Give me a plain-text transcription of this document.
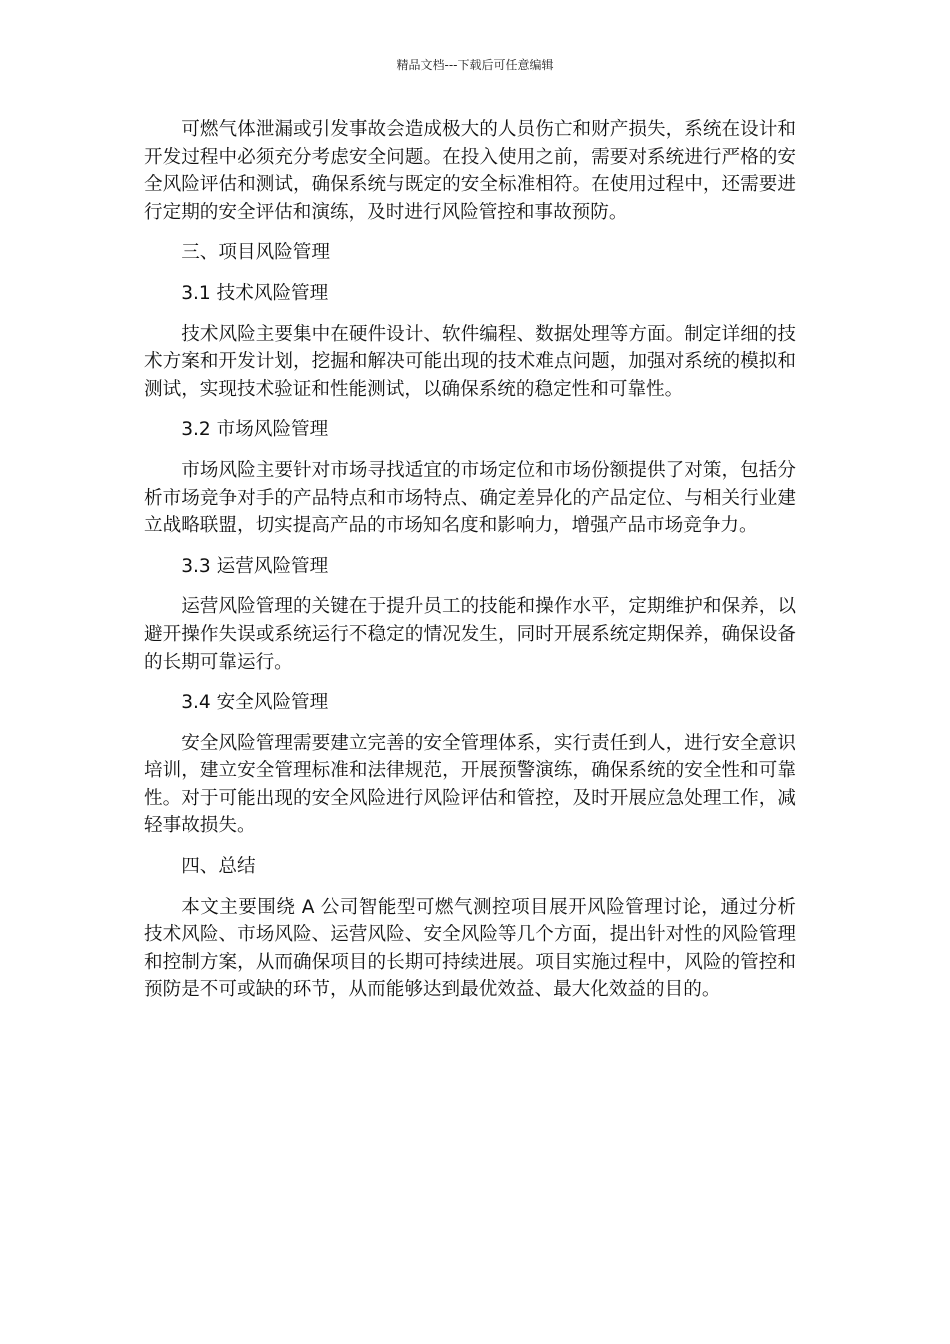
精品文档---下载后可任意编辑

可燃气体泄漏或引发事故会造成极大的人员伤亡和财产损失，系统在设计和开发过程中必须充分考虑安全问题。在投入使用之前，需要对系统进行严格的安全风险评估和测试，确保系统与既定的安全标准相符。在使用过程中，还需要进行定期的安全评估和演练，及时进行风险管控和事故预防。

三、项目风险管理

3.1 技术风险管理

技术风险主要集中在硬件设计、软件编程、数据处理等方面。制定详细的技术方案和开发计划，挖掘和解决可能出现的技术难点问题，加强对系统的模拟和测试，实现技术验证和性能测试，以确保系统的稳定性和可靠性。

3.2 市场风险管理

市场风险主要针对市场寻找适宜的市场定位和市场份额提供了对策，包括分析市场竞争对手的产品特点和市场特点、确定差异化的产品定位、与相关行业建立战略联盟，切实提高产品的市场知名度和影响力，增强产品市场竞争力。

3.3 运营风险管理

运营风险管理的关键在于提升员工的技能和操作水平，定期维护和保养，以避开操作失误或系统运行不稳定的情况发生，同时开展系统定期保养，确保设备的长期可靠运行。

3.4 安全风险管理

安全风险管理需要建立完善的安全管理体系，实行责任到人，进行安全意识培训，建立安全管理标准和法律规范，开展预警演练，确保系统的安全性和可靠性。对于可能出现的安全风险进行风险评估和管控，及时开展应急处理工作，减轻事故损失。

四、总结

本文主要围绕 A 公司智能型可燃气测控项目展开风险管理讨论，通过分析技术风险、市场风险、运营风险、安全风险等几个方面，提出针对性的风险管理和控制方案，从而确保项目的长期可持续进展。项目实施过程中，风险的管控和预防是不可或缺的环节，从而能够达到最优效益、最大化效益的目的。
